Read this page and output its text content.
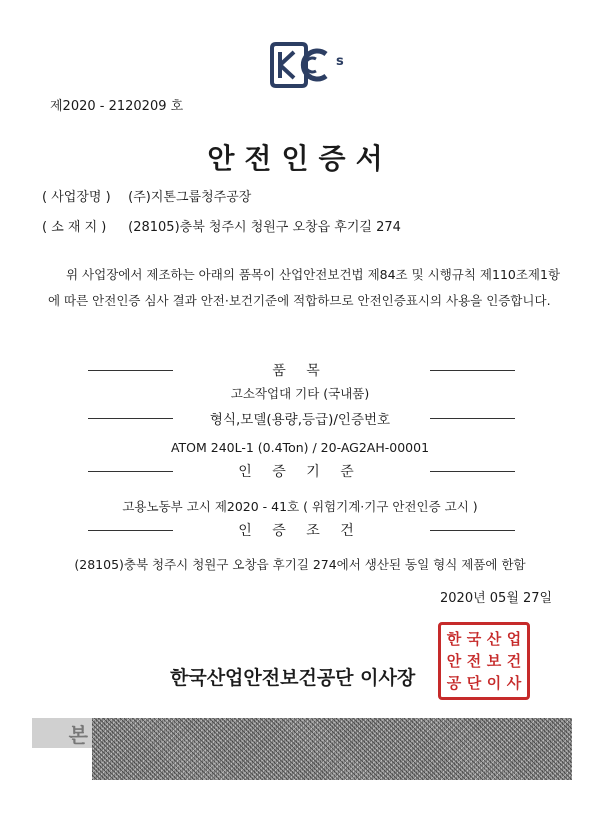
s
제2020 - 2120209 호
안전인증서
( 사업장명 ) (주)지톤그룹청주공장
( 소 재 지 ) (28105)충북 청주시 청원구 오창읍 후기길 274
위 사업장에서 제조하는 아래의 품목이 산업안전보건법 제84조 및 시행규칙 제110조제1항에 따른 안전인증 심사 결과 안전·보건기준에 적합하므로 안전인증표시의 사용을 인증합니다.
품 목
고소작업대 기타 (국내품)
형식,모델(용량,등급)/인증번호
ATOM 240L-1 (0.4Ton) / 20-AG2AH-00001
인 증 기 준
고용노동부 고시 제2020 - 41호 ( 위험기계·기구 안전인증 고시 )
인 증 조 건
(28105)충북 청주시 청원구 오창읍 후기길 274에서 생산된 동일 형식 제품에 한함
2020년 05월 27일
한국산업안전보건공단 이사장
한 국 산 업
안 전 보 건
공 단 이 사
본
